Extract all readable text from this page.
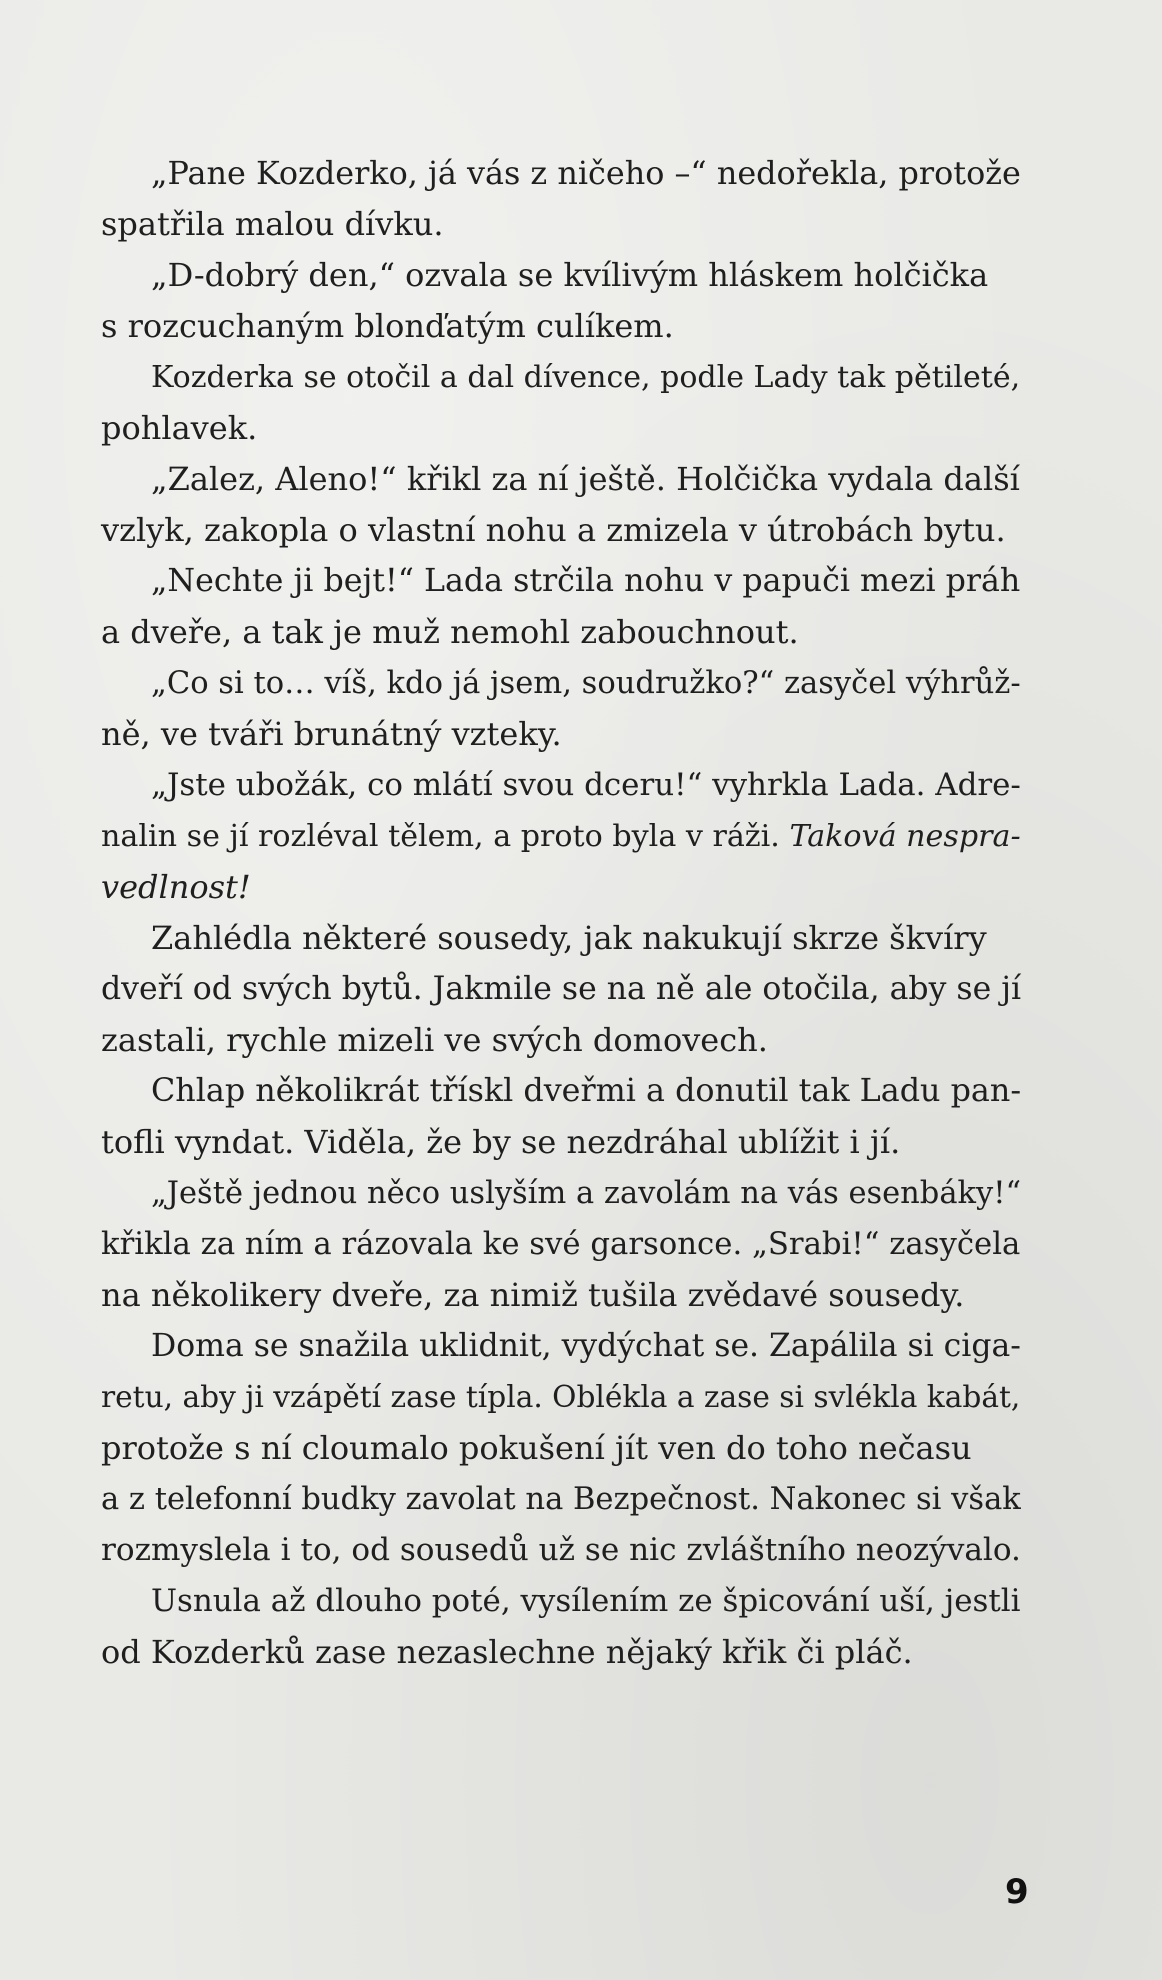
„Pane Kozderko, já vás z ničeho –“ nedořekla, protože
spatřila malou dívku.
„D-dobrý den,“ ozvala se kvílivým hláskem holčička
s rozcuchaným blonďatým culíkem.
Kozderka se otočil a dal dívence, podle Lady tak pětileté,
pohlavek.
„Zalez, Aleno!“ křikl za ní ještě. Holčička vydala další
vzlyk, zakopla o vlastní nohu a zmizela v útrobách bytu.
„Nechte ji bejt!“ Lada strčila nohu v papuči mezi práh
a dveře, a tak je muž nemohl zabouchnout.
„Co si to… víš, kdo já jsem, soudružko?“ zasyčel výhrůž-
ně, ve tváři brunátný vzteky.
„Jste ubožák, co mlátí svou dceru!“ vyhrkla Lada. Adre-
nalin se jí rozléval tělem, a proto byla v ráži. Taková nespra-
vedlnost!
Zahlédla některé sousedy, jak nakukují skrze škvíry
dveří od svých bytů. Jakmile se na ně ale otočila, aby se jí
zastali, rychle mizeli ve svých domovech.
Chlap několikrát třískl dveřmi a donutil tak Ladu pan-
tofli vyndat. Viděla, že by se nezdráhal ublížit i jí.
„Ještě jednou něco uslyším a zavolám na vás esenbáky!“
křikla za ním a rázovala ke své garsonce. „Srabi!“ zasyčela
na několikery dveře, za nimiž tušila zvědavé sousedy.
Doma se snažila uklidnit, vydýchat se. Zapálila si ciga-
retu, aby ji vzápětí zase típla. Oblékla a zase si svlékla kabát,
protože s ní cloumalo pokušení jít ven do toho nečasu
a z telefonní budky zavolat na Bezpečnost. Nakonec si však
rozmyslela i to, od sousedů už se nic zvláštního neozývalo.
Usnula až dlouho poté, vysílením ze špicování uší, jestli
od Kozderků zase nezaslechne nějaký křik či pláč.
9
